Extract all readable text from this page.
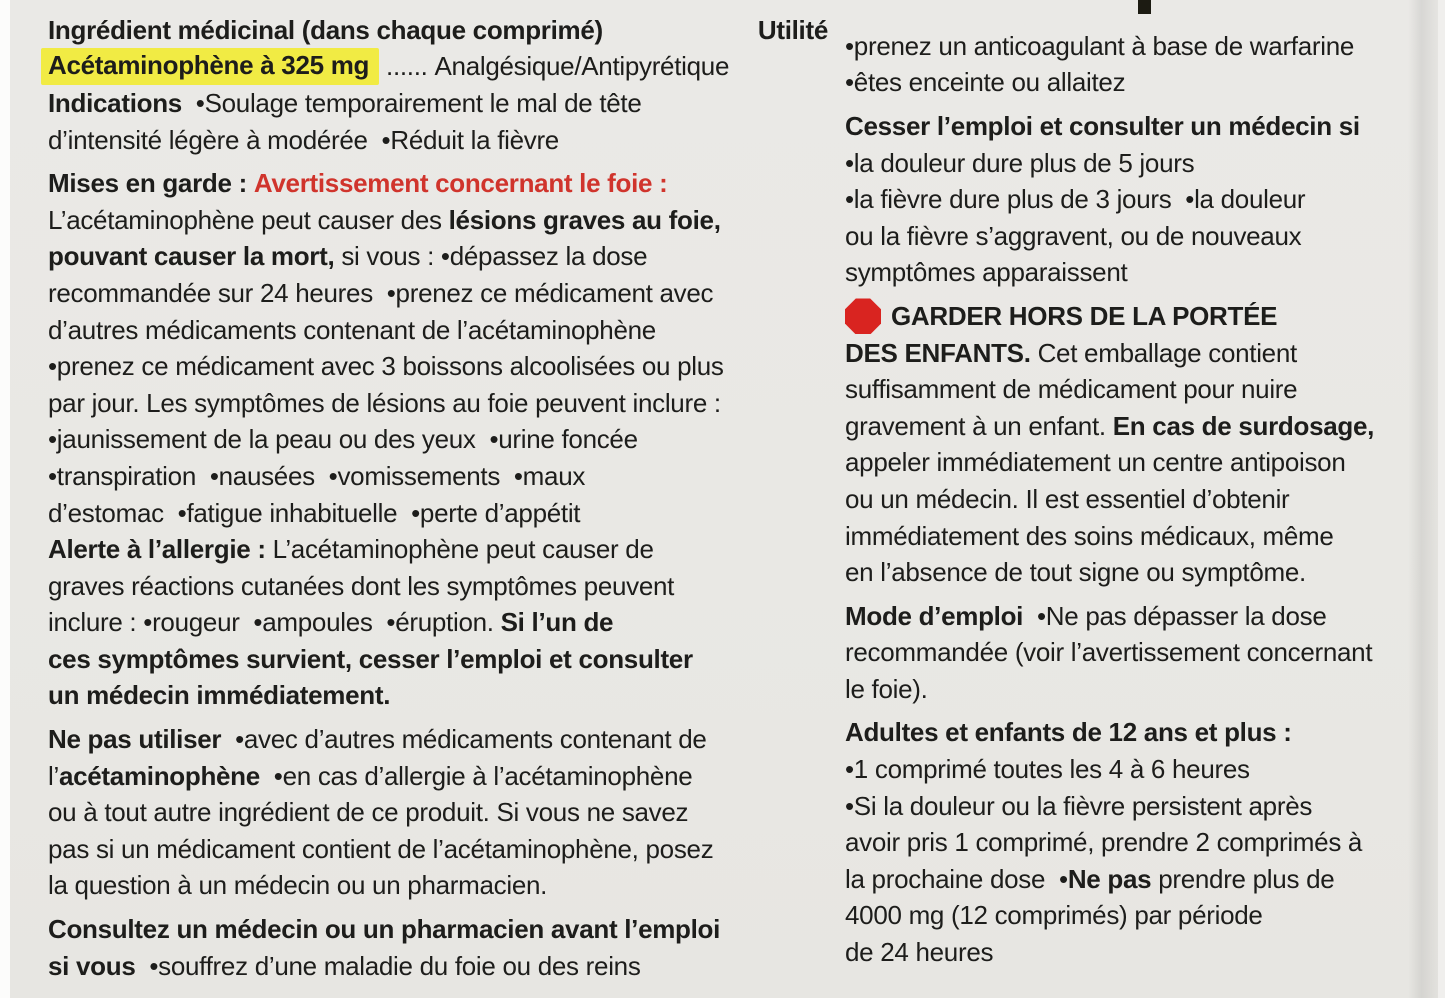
Ingrédient médicinal (dans chaque comprimé)	Utilité
Acétaminophène à 325 mg ...... Analgésique/Antipyrétique
Indications •Soulage temporairement le mal de tête
d’intensité légère à modérée  •Réduit la fièvre
Mises en garde : Avertissement concernant le foie :
L’acétaminophène peut causer des lésions graves au foie,
pouvant causer la mort, si vous : •dépassez la dose
recommandée sur 24 heures  •prenez ce médicament avec
d’autres médicaments contenant de l’acétaminophène
•prenez ce médicament avec 3 boissons alcoolisées ou plus
par jour. Les symptômes de lésions au foie peuvent inclure :
•jaunissement de la peau ou des yeux  •urine foncée
•transpiration  •nausées  •vomissements  •maux
d’estomac  •fatigue inhabituelle  •perte d’appétit
Alerte à l’allergie : L’acétaminophène peut causer de
graves réactions cutanées dont les symptômes peuvent
inclure : •rougeur  •ampoules  •éruption. Si l’un de
ces symptômes survient, cesser l’emploi et consulter
un médecin immédiatement.
Ne pas utiliser •avec d’autres médicaments contenant de
l’ acétaminophène •en cas d’allergie à l’acétaminophène
ou à tout autre ingrédient de ce produit. Si vous ne savez
pas si un médicament contient de l’acétaminophène, posez
la question à un médecin ou un pharmacien.
Consultez un médecin ou un pharmacien avant l’emploi
si vous •souffrez d’une maladie du foie ou des reins
•prenez un anticoagulant à base de warfarine
•êtes enceinte ou allaitez
Cesser l’emploi et consulter un médecin si
•la douleur dure plus de 5 jours
•la fièvre dure plus de 3 jours  •la douleur
ou la fièvre s’aggravent, ou de nouveaux
symptômes apparaissent
GARDER HORS DE LA PORTÉE
DES ENFANTS. Cet emballage contient
suffisamment de médicament pour nuire
gravement à un enfant. En cas de surdosage,
appeler immédiatement un centre antipoison
ou un médecin. Il est essentiel d’obtenir
immédiatement des soins médicaux, même
en l’absence de tout signe ou symptôme.
Mode d’emploi •Ne pas dépasser la dose
recommandée (voir l’avertissement concernant
le foie).
Adultes et enfants de 12 ans et plus :
•1 comprimé toutes les 4 à 6 heures
•Si la douleur ou la fièvre persistent après
avoir pris 1 comprimé, prendre 2 comprimés à
la prochaine dose  • Ne pas prendre plus de
4000 mg (12 comprimés) par période
de 24 heures
